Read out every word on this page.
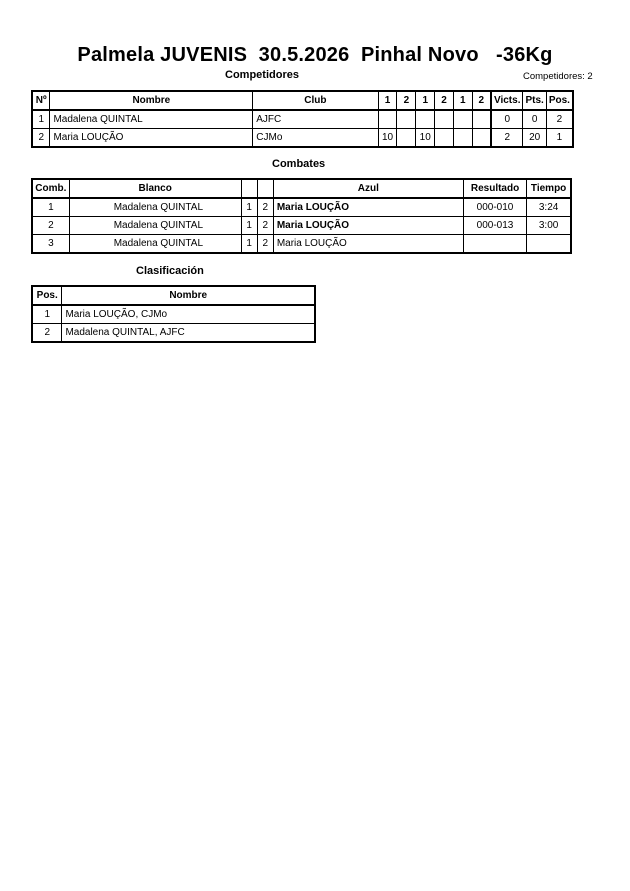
Palmela JUVENIS  30.5.2026  Pinhal Novo   -36Kg
Competidores	Competidores: 2
Nº	Nombre	Club	1	2	1	2	1	2	Victs.	Pts.	Pos.
1	Madalena QUINTAL	AJFC							0	0	2
2	Maria LOUÇÃO	CJMo	10		10				2	20	1
Combates
Comb.	Blanco			Azul	Resultado	Tiempo
1	Madalena QUINTAL	1	2	Maria LOUÇÃO	000-010	3:24
2	Madalena QUINTAL	1	2	Maria LOUÇÃO	000-013	3:00
3	Madalena QUINTAL	1	2	Maria LOUÇÃO		
Clasificación
Pos.	Nombre
1	Maria LOUÇÃO, CJMo
2	Madalena QUINTAL, AJFC
